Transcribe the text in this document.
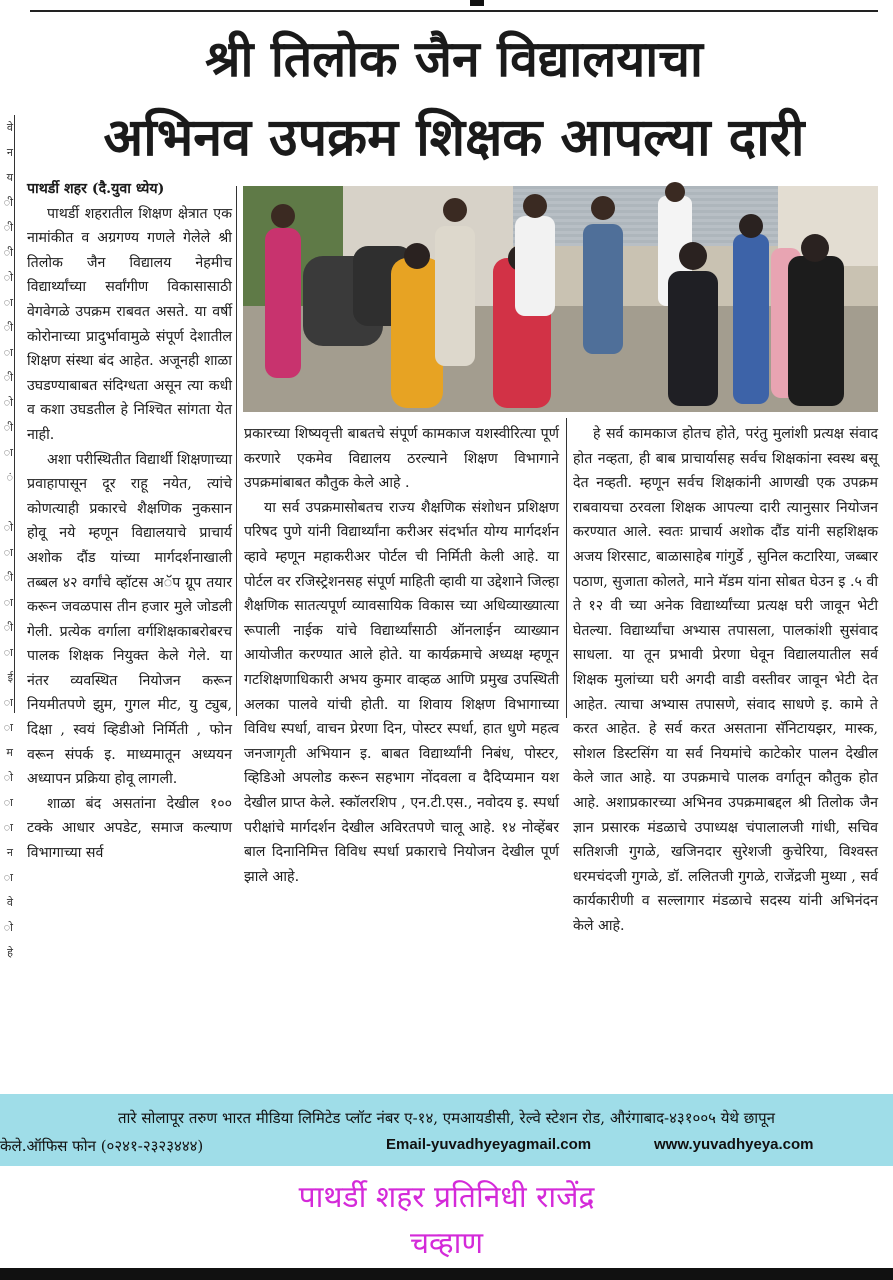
श्री तिलोक जैन विद्यालयाचा
अभिनव उपक्रम शिक्षक आपल्या दारी
वे
न
य
ी
ी
ी
ो
ा
ी
ा
ी
ो
ी
ा
ं

ो
ा
ी
ा
ी
ा
ई
ा
ा
म
ो
ा
ा
न
ा
वे
ो
हे

पाथर्डी शहर (दै.युवा ध्येय)

पाथर्डी शहरातील शिक्षण क्षेत्रात एक नामांकीत व अग्रगण्य गणले गेलेले श्री तिलोक जैन विद्यालय नेहमीच विद्यार्थ्यांच्या सर्वांगीण विकासासाठी वेगवेगळे उपक्रम राबवत असते. या वर्षी कोरोनाच्या प्रादुर्भावामुळे संपूर्ण देशातील शिक्षण संस्था बंद आहेत. अजूनही शाळा उघडण्याबाबत संदिग्धता असून त्या कधी व कशा उघडतील हे निश्चित सांगता येत नाही.

अशा परीस्थितीत विद्यार्थी शिक्षणाच्या प्रवाहापासून दूर राहू नयेत, त्यांचे कोणत्याही प्रकारचे शैक्षणिक नुकसान होवू नये म्हणून विद्यालयाचे प्राचार्य अशोक दौंड यांच्या मार्गदर्शनाखाली तब्बल ४२ वर्गांचे व्हॉटस अॅप ग्रूप तयार करून जवळपास तीन हजार मुले जोडली गेली. प्रत्येक वर्गाला वर्गशिक्षकाबरोबरच पालक शिक्षक नियुक्त केले गेले. या नंतर व्यवस्थित नियोजन करून नियमीतपणे झुम, गुगल मीट, यु ट्युब, दिक्षा , स्वयं व्हिडीओ निर्मिती , फोन वरून संपर्क इ. माध्यमातून अध्ययन अध्यापन प्रक्रिया होवू लागली.

शाळा बंद असतांना देखील १०० टक्के आधार अपडेट, समाज कल्याण विभागाच्या सर्व

प्रकारच्या शिष्यवृत्ती बाबतचे संपूर्ण कामकाज यशस्वीरित्या पूर्ण करणारे एकमेव विद्यालय ठरल्याने शिक्षण विभागाने उपक्रमांबाबत कौतुक केले आहे .

या सर्व उपक्रमासोबतच राज्य शैक्षणिक संशोधन प्रशिक्षण परिषद पुणे यांनी विद्यार्थ्यांना करीअर संदर्भात योग्य मार्गदर्शन व्हावे म्हणून महाकरीअर पोर्टल ची निर्मिती केली आहे. या पोर्टल वर रजिस्ट्रेशनसह संपूर्ण माहिती व्हावी या उद्देशाने जिल्हा शैक्षणिक सातत्यपूर्ण व्यावसायिक विकास च्या अधिव्याख्यात्या रूपाली नाईक यांचे विद्यार्थ्यांसाठी ऑनलाईन व्याख्यान आयोजीत करण्यात आले होते. या कार्यक्रमाचे अध्यक्ष म्हणून गटशिक्षणाधिकारी अभय कुमार वाव्हळ आणि प्रमुख उपस्थिती अलका पालवे यांची होती. या शिवाय शिक्षण विभागाच्या विविध स्पर्धा, वाचन प्रेरणा दिन, पोस्टर स्पर्धा, हात धुणे महत्व जनजागृती अभियान इ. बाबत विद्यार्थ्यांनी निबंध, पोस्टर, व्हिडिओ अपलोड करून सहभाग नोंदवला व दैदिप्यमान यश देखील प्राप्त केले. स्कॉलरशिप , एन.टी.एस., नवोदय इ. स्पर्धा परीक्षांचे मार्गदर्शन देखील अविरतपणे चालू आहे. १४ नोव्हेंबर बाल दिनानिमित्त विविध स्पर्धा प्रकाराचे नियोजन देखील पूर्ण झाले आहे.

हे सर्व कामकाज होतच होते, परंतु मुलांशी प्रत्यक्ष संवाद होत नव्हता, ही बाब प्राचार्यासह सर्वच शिक्षकांना स्वस्थ बसू देत नव्हती. म्हणून सर्वच शिक्षकांनी आणखी एक उपक्रम राबवायचा ठरवला शिक्षक आपल्या दारी त्यानुसार नियोजन करण्यात आले. स्वतः प्राचार्य अशोक दौंड यांनी सहशिक्षक अजय शिरसाट, बाळासाहेब गांगुर्डे , सुनिल कटारिया, जब्बार पठाण, सुजाता कोलते, माने मॅडम यांना सोबत घेउन इ .५ वी ते १२ वी च्या अनेक विद्यार्थ्यांच्या प्रत्यक्ष घरी जावून भेटी घेतल्या. विद्यार्थ्यांचा अभ्यास तपासला, पालकांशी सुसंवाद साधला. या तून प्रभावी प्रेरणा घेवून विद्यालयातील सर्व शिक्षक मुलांच्या घरी अगदी वाडी वस्तीवर जावून भेटी देत आहेत. त्याचा अभ्यास तपासणे, संवाद साधणे इ. कामे ते करत आहेत. हे सर्व करत असताना सॅनिटायझर, मास्क, सोशल डिस्टसिंग या सर्व नियमांचे काटेकोर पालन देखील केले जात आहे. या उपक्रमाचे पालक वर्गातून कौतुक होत आहे. अशाप्रकारच्या अभिनव उपक्रमाबद्दल श्री तिलोक जैन ज्ञान प्रसारक मंडळाचे उपाध्यक्ष चंपालालजी गांधी, सचिव सतिशजी गुगळे, खजिनदार सुरेशजी कुचेरिया, विश्वस्त धरमचंदजी गुगळे, डॉ. ललितजी गुगळे, राजेंद्रजी मुथ्या , सर्व कार्यकारीणी व सल्लागार मंडळाचे सदस्य यांनी अभिनंदन केले आहे.

तारे सोलापूर तरुण भारत मीडिया लिमिटेड प्लॉट नंबर ए-१४, एमआयडीसी, रेल्वे स्टेशन रोड, औरंगाबाद-४३१००५ येथे छापून
केले.ऑफिस फोन (०२४१-२३२३४४४)	Email-yuvadhyeyagmail.com	www.yuvadhyeya.com
पाथर्डी शहर प्रतिनिधी राजेंद्र
चव्हाण
